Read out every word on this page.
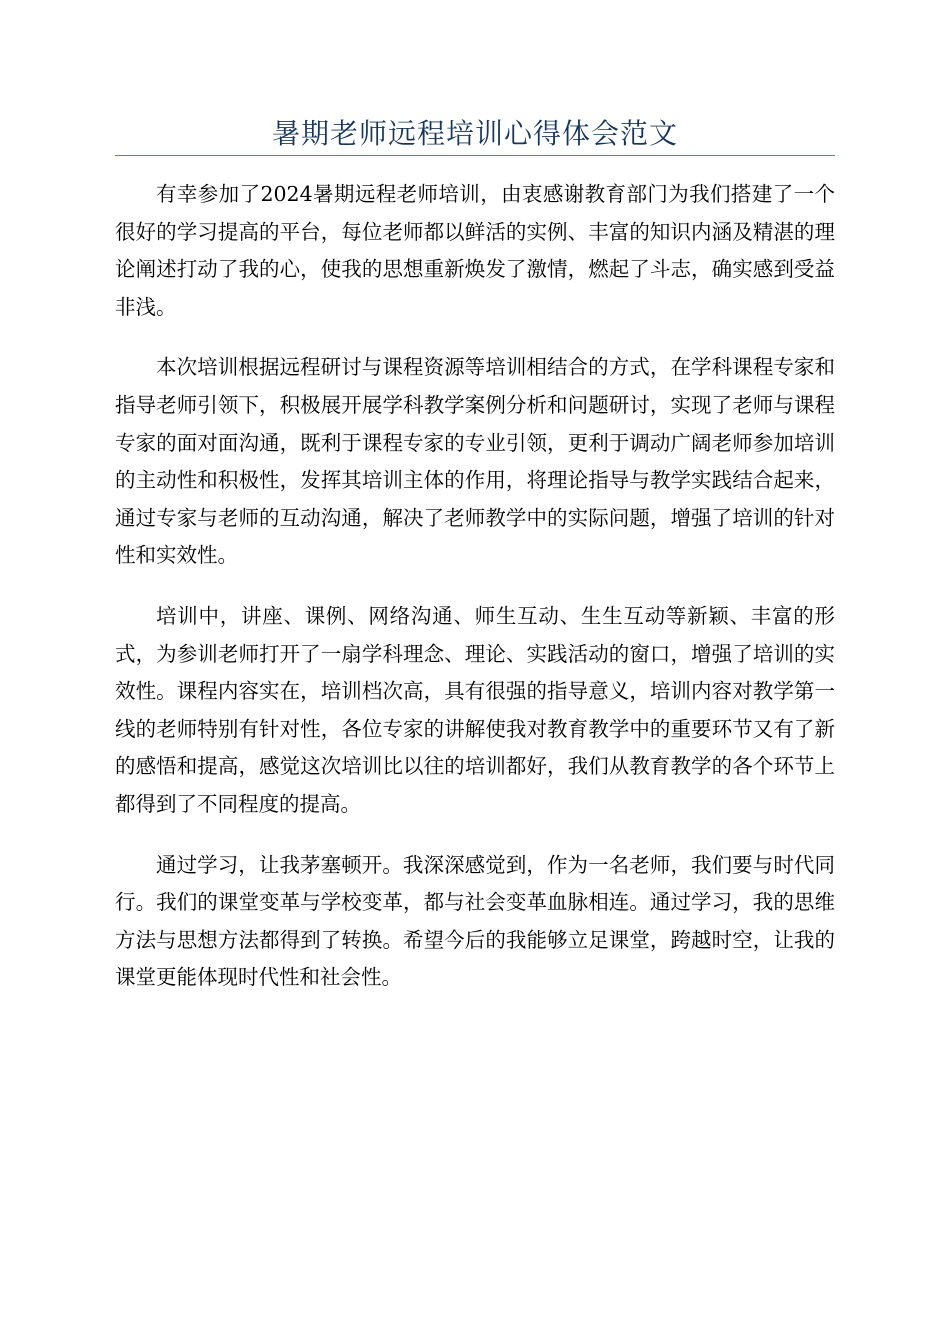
暑期老师远程培训心得体会范文

有幸参加了2024暑期远程老师培训，由衷感谢教育部门为我们搭建了一个很好的学习提高的平台，每位老师都以鲜活的实例、丰富的知识内涵及精湛的理论阐述打动了我的心，使我的思想重新焕发了激情，燃起了斗志，确实感到受益非浅。

本次培训根据远程研讨与课程资源等培训相结合的方式，在学科课程专家和指导老师引领下，积极展开展学科教学案例分析和问题研讨，实现了老师与课程专家的面对面沟通，既利于课程专家的专业引领，更利于调动广阔老师参加培训的主动性和积极性，发挥其培训主体的作用，将理论指导与教学实践结合起来，通过专家与老师的互动沟通，解决了老师教学中的实际问题，增强了培训的针对性和实效性。

培训中，讲座、课例、网络沟通、师生互动、生生互动等新颖、丰富的形式，为参训老师打开了一扇学科理念、理论、实践活动的窗口，增强了培训的实效性。课程内容实在，培训档次高，具有很强的指导意义，培训内容对教学第一线的老师特别有针对性，各位专家的讲解使我对教育教学中的重要环节又有了新的感悟和提高，感觉这次培训比以往的培训都好，我们从教育教学的各个环节上都得到了不同程度的提高。

通过学习，让我茅塞顿开。我深深感觉到，作为一名老师，我们要与时代同行。我们的课堂变革与学校变革，都与社会变革血脉相连。通过学习，我的思维方法与思想方法都得到了转换。希望今后的我能够立足课堂，跨越时空，让我的课堂更能体现时代性和社会性。
